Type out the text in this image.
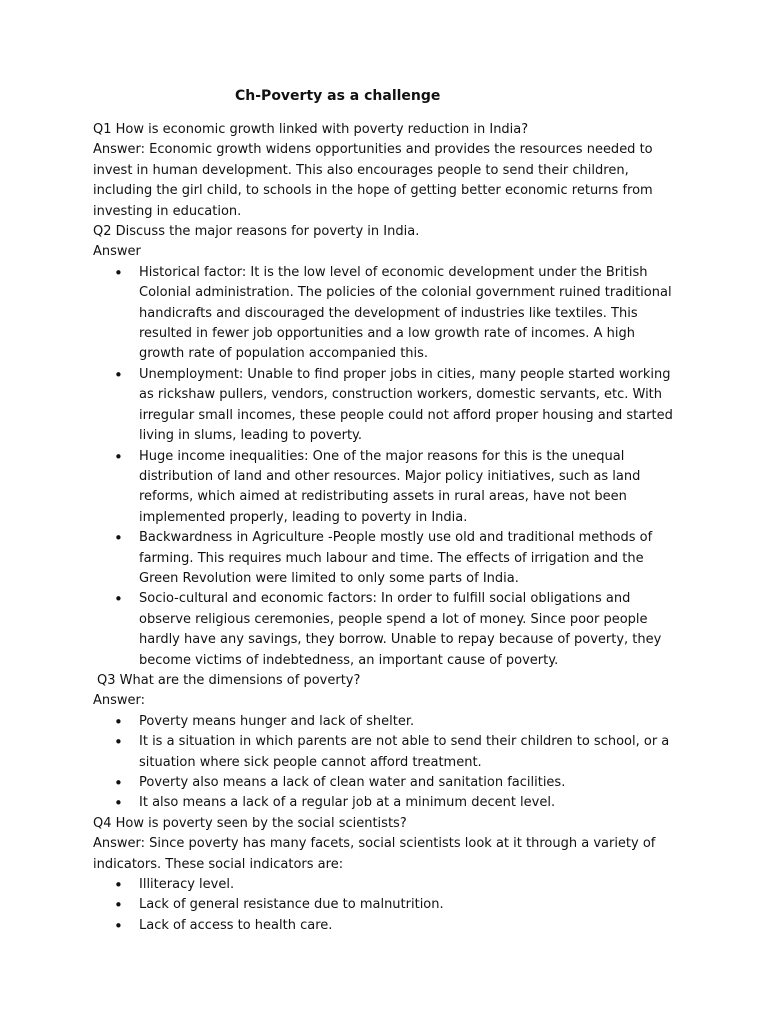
Ch-Poverty as a challenge

Q1 How is economic growth linked with poverty reduction in India?

Answer: Economic growth widens opportunities and provides the resources needed to invest in human development. This also encourages people to send their children, including the girl child, to schools in the hope of getting better economic returns from investing in education.

Q2 Discuss the major reasons for poverty in India.

Answer

• Historical factor: It is the low level of economic development under the British Colonial administration. The policies of the colonial government ruined traditional handicrafts and discouraged the development of industries like textiles. This resulted in fewer job opportunities and a low growth rate of incomes. A high growth rate of population accompanied this.
• Unemployment: Unable to find proper jobs in cities, many people started working as rickshaw pullers, vendors, construction workers, domestic servants, etc. With irregular small incomes, these people could not afford proper housing and started living in slums, leading to poverty.
• Huge income inequalities: One of the major reasons for this is the unequal distribution of land and other resources. Major policy initiatives, such as land reforms, which aimed at redistributing assets in rural areas, have not been implemented properly, leading to poverty in India.
• Backwardness in Agriculture -People mostly use old and traditional methods of farming. This requires much labour and time. The effects of irrigation and the Green Revolution were limited to only some parts of India.
• Socio-cultural and economic factors: In order to fulfill social obligations and observe religious ceremonies, people spend a lot of money. Since poor people hardly have any savings, they borrow. Unable to repay because of poverty, they become victims of indebtedness, an important cause of poverty.

Q3 What are the dimensions of poverty?

Answer:

• Poverty means hunger and lack of shelter.
• It is a situation in which parents are not able to send their children to school, or a situation where sick people cannot afford treatment.
• Poverty also means a lack of clean water and sanitation facilities.
• It also means a lack of a regular job at a minimum decent level.

Q4 How is poverty seen by the social scientists?

Answer: Since poverty has many facets, social scientists look at it through a variety of indicators. These social indicators are:

• Illiteracy level.
• Lack of general resistance due to malnutrition.
• Lack of access to health care.
